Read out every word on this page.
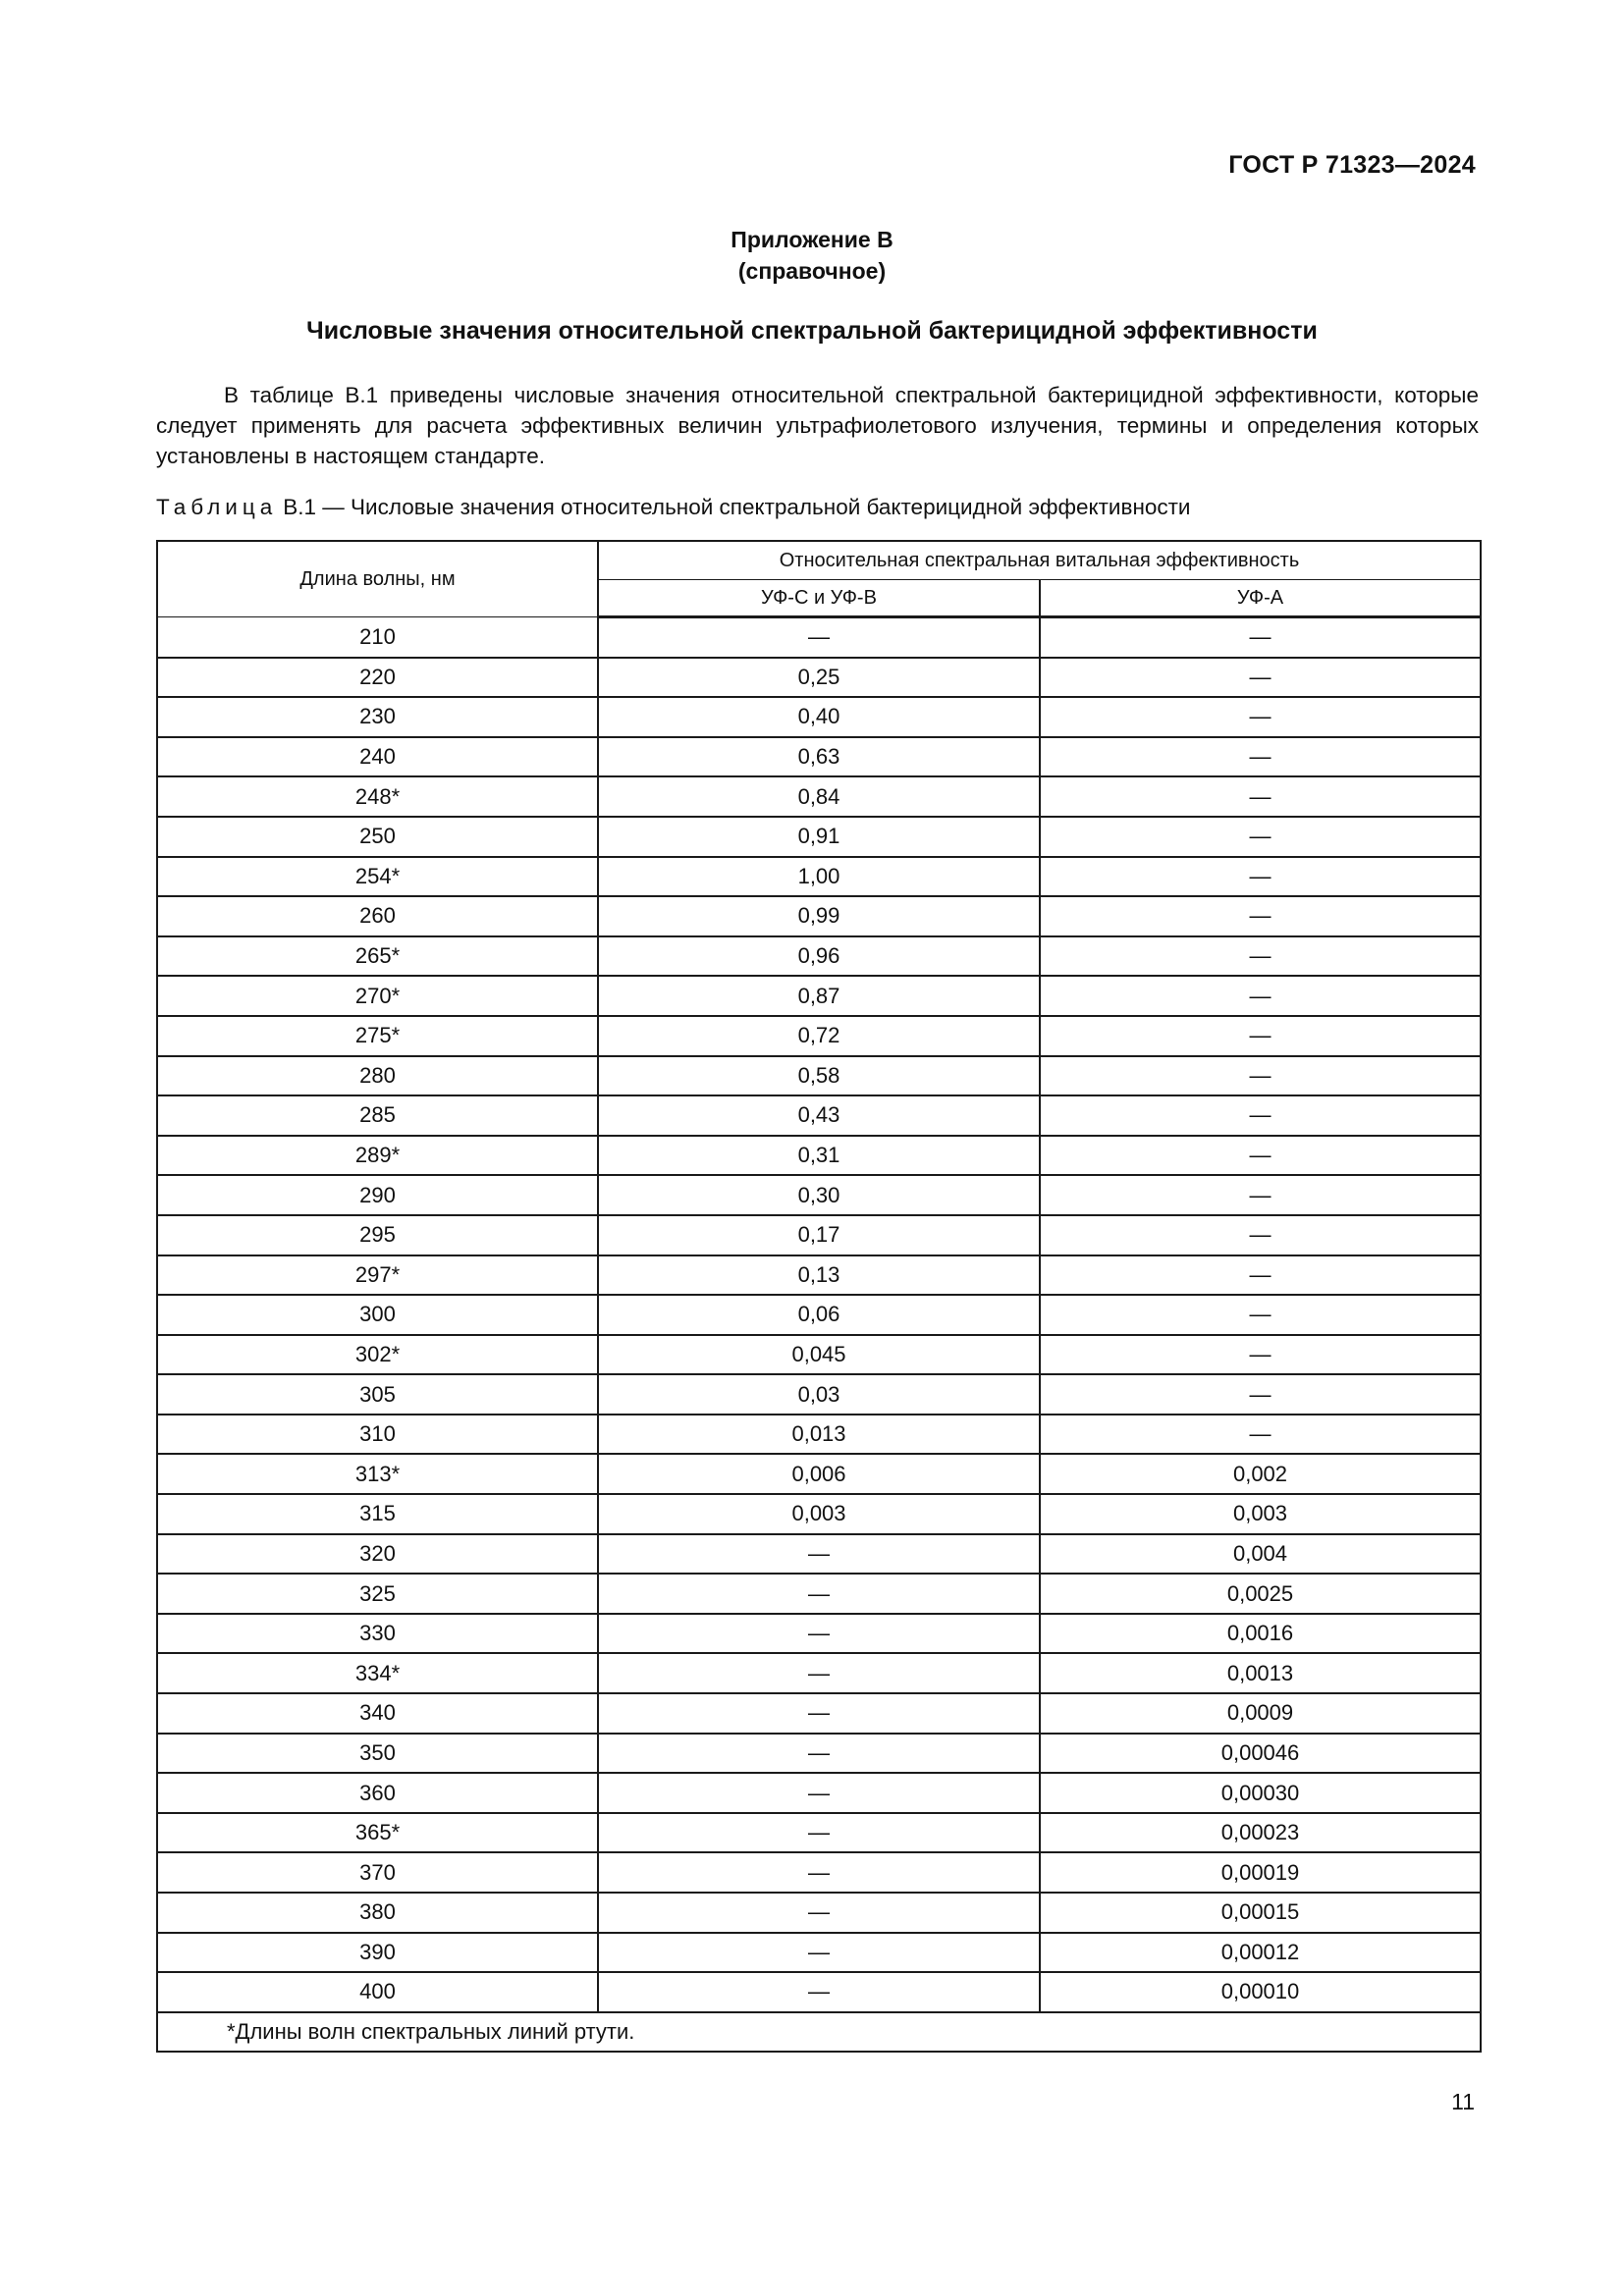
ГОСТ Р 71323—2024
Приложение В
(справочное)
Числовые значения относительной спектральной бактерицидной эффективности
В таблице В.1 приведены числовые значения относительной спектральной бактерицидной эффективности, которые следует применять для расчета эффективных величин ультрафиолетового излучения, термины и определения которых установлены в настоящем стандарте.
Таблица В.1 — Числовые значения относительной спектральной бактерицидной эффективности
Длина волны, нм	Относительная спектральная витальная эффективность	
	УФ-С и УФ-В	УФ-А
210	—	—
220	0,25	—
230	0,40	—
240	0,63	—
248*	0,84	—
250	0,91	—
254*	1,00	—
260	0,99	—
265*	0,96	—
270*	0,87	—
275*	0,72	—
280	0,58	—
285	0,43	—
289*	0,31	—
290	0,30	—
295	0,17	—
297*	0,13	—
300	0,06	—
302*	0,045	—
305	0,03	—
310	0,013	—
313*	0,006	0,002
315	0,003	0,003
320	—	0,004
325	—	0,0025
330	—	0,0016
334*	—	0,0013
340	—	0,0009
350	—	0,00046
360	—	0,00030
365*	—	0,00023
370	—	0,00019
380	—	0,00015
390	—	0,00012
400	—	0,00010
*Длины волн спектральных линий ртути.		
11
